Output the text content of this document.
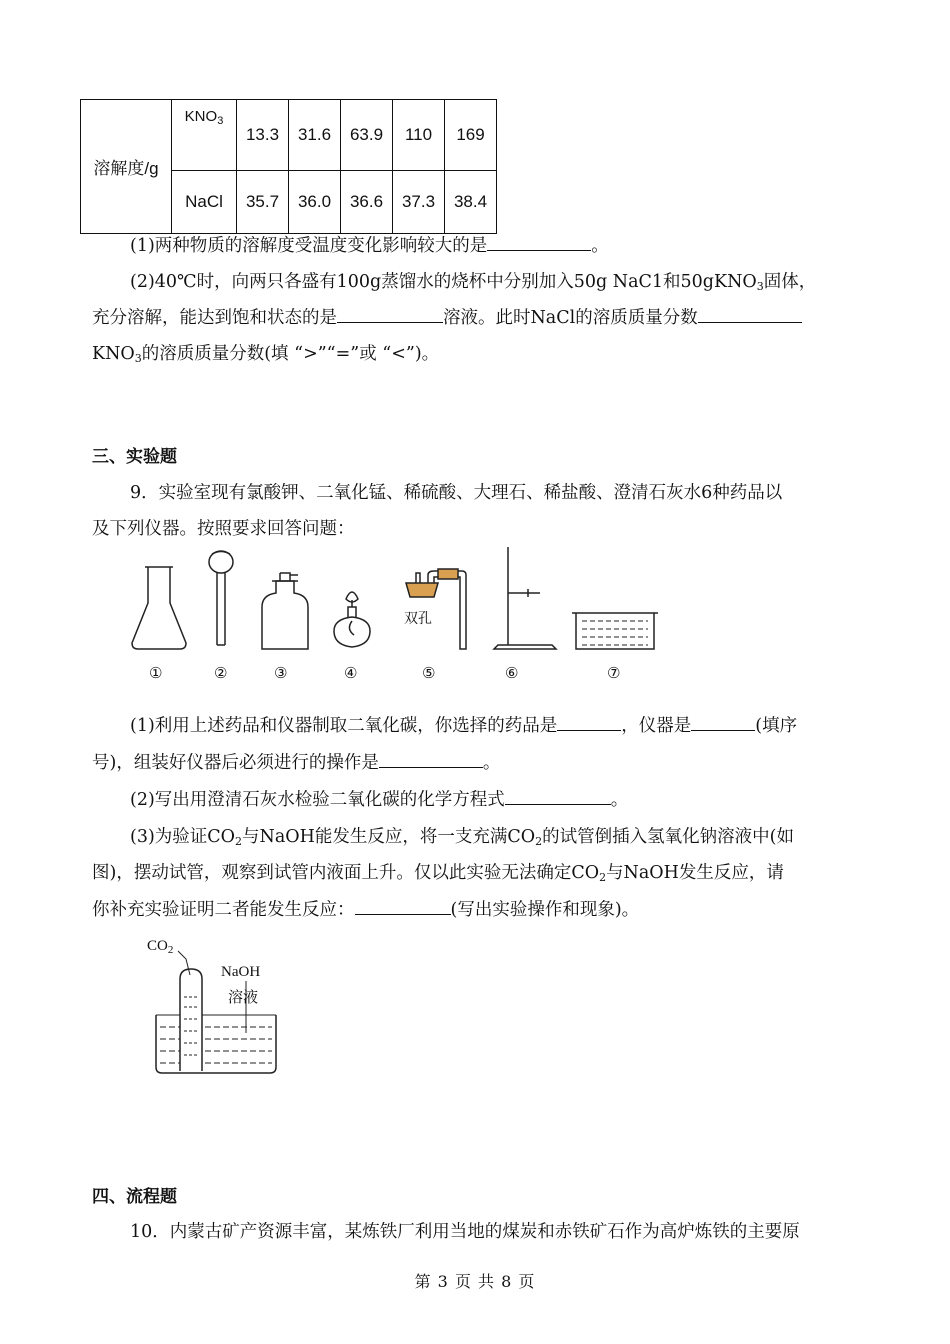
溶解度/g	$KNO_3$	13.3	31.6	63.9	110	169
	NaCl	35.7	36.0	36.6	37.3	38.4
(1)两种物质的溶解度受温度变化影响较大的是	。
(2)40℃时，向两只各盛有100g蒸馏水的烧杯中分别加入50g NaC1和50gKNO$_3$固体，
充分溶解，能达到饱和状态的是	溶液。此时NaCl的溶质质量分数
$KNO_3$的溶质质量分数(填 “>”“=”或 “<”)。
三、实验题
9．实验室现有氯酸钾、二氧化锰、稀硫酸、大理石、稀盐酸、澄清石灰水6种药品以
及下列仪器。按照要求回答问题：
双孔
①	②	③	④	⑤	⑥	⑦
(1)利用上述药品和仪器制取二氧化碳，你选择的药品是	，仪器是	(填序
号)，组装好仪器后必须进行的操作是	。
(2)写出用澄清石灰水检验二氧化碳的化学方程式	。
(3)为验证$CO_2$与NaOH能发生反应，将一支充满$CO_2$的试管倒插入氢氧化钠溶液中(如
图)，摆动试管，观察到试管内液面上升。仅以此实验无法确定$CO_2$与NaOH发生反应，请
你补充实验证明二者能发生反应：	(写出实验操作和现象)。
$CO_2$
NaOH
溶液
四、流程题
10．内蒙古矿产资源丰富，某炼铁厂利用当地的煤炭和赤铁矿石作为高炉炼铁的主要原
第 3 页 共 8 页
